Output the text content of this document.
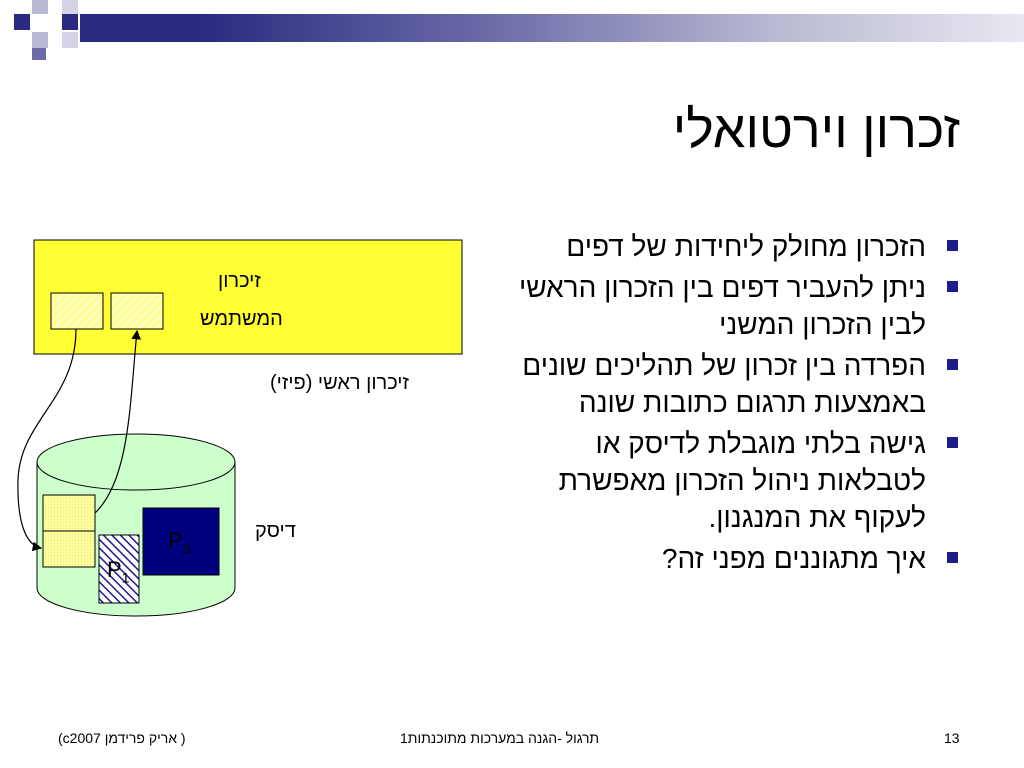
זכרון וירטואלי
הזכרון מחולק ליחידות של דפים
ניתן להעביר דפים בין הזכרון הראשי לבין הזכרון המשני
הפרדה בין זכרון של תהליכים שונים באמצעות תרגום כתובות שונה
גישה בלתי מוגבלת לדיסק או לטבלאות ניהול הזכרון מאפשרת לעקוף את המנגנון.
איך מתגוננים מפני זה?
זיכרון
המשתמש
זיכרון ראשי (פיזי)
דיסק
$P_3$
$P_1$
(c2007 אריק פרידמן )	1תרגול -הגנה במערכות מתוכנתות	13
